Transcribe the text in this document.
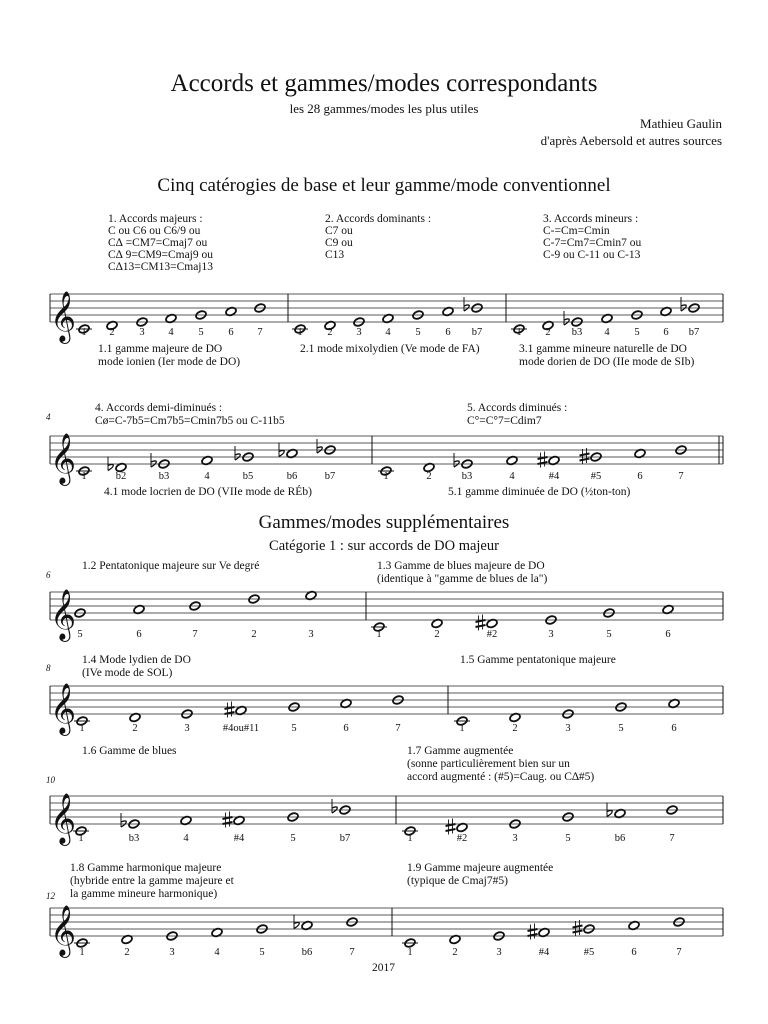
Accords et gammes/modes correspondants
les 28 gammes/modes les plus utiles
Mathieu Gaulin
d'après Aebersold et autres sources
Cinq catérogies de base et leur gamme/mode conventionnel
Gammes/modes supplémentaires
Catégorie 1 : sur accords de DO majeur
2017
𝄞
𝄞
𝄞
𝄞
𝄞
𝄞
1. Accords majeurs :
C ou C6 ou C6/9 ou
C∆ =CM7=Cmaj7 ou
C∆ 9=CM9=Cmaj9 ou
C∆13=CM13=Cmaj13
1	2	3	4	5	6	7
1.1 gamme majeure de DO
mode ionien (Ier mode de DO)
2. Accords dominants :
C7 ou
C9 ou
C13
1	2	3	4	5	6	b7
2.1 mode mixolydien (Ve mode de FA)
3. Accords mineurs :
C-=Cm=Cmin
C-7=Cm7=Cmin7 ou
C-9 ou C-11 ou C-13
1	2	b3	4	5	6	b7
3.1 gamme mineure naturelle de DO
mode dorien de DO (IIe mode de SIb)
4
4. Accords demi-diminués :
Cø=C-7b5=Cm7b5=Cmin7b5 ou C-11b5
1	b2	b3	4	b5	b6	b7
4.1 mode locrien de DO (VIIe mode de RÉb)
5. Accords diminués :
C°=C°7=Cdim7
1	2	b3	4	#4	#5	6	7
5.1 gamme diminuée de DO (½ton-ton)
6
1.2 Pentatonique majeure sur Ve degré
5	6	7	2	3
1.3 Gamme de blues majeure de DO
(identique à "gamme de blues de la")
1	2	#2	3	5	6
8
1.4 Mode lydien de DO
(IVe mode de SOL)
1	2	3	#4ou#11	5	6	7
1.5 Gamme pentatonique majeure
1	2	3	5	6
10
1.6 Gamme de blues
1	b3	4	#4	5	b7
1.7 Gamme augmentée
(sonne particulièrement bien sur un
accord augmenté : (#5)=Caug. ou C∆#5)
1	#2	3	5	b6	7
12
1.8 Gamme harmonique majeure
(hybride entre la gamme majeure et
la gamme mineure harmonique)
1	2	3	4	5	b6	7
1.9 Gamme majeure augmentée
(typique de Cmaj7#5)
1	2	3	#4	#5	6	7
